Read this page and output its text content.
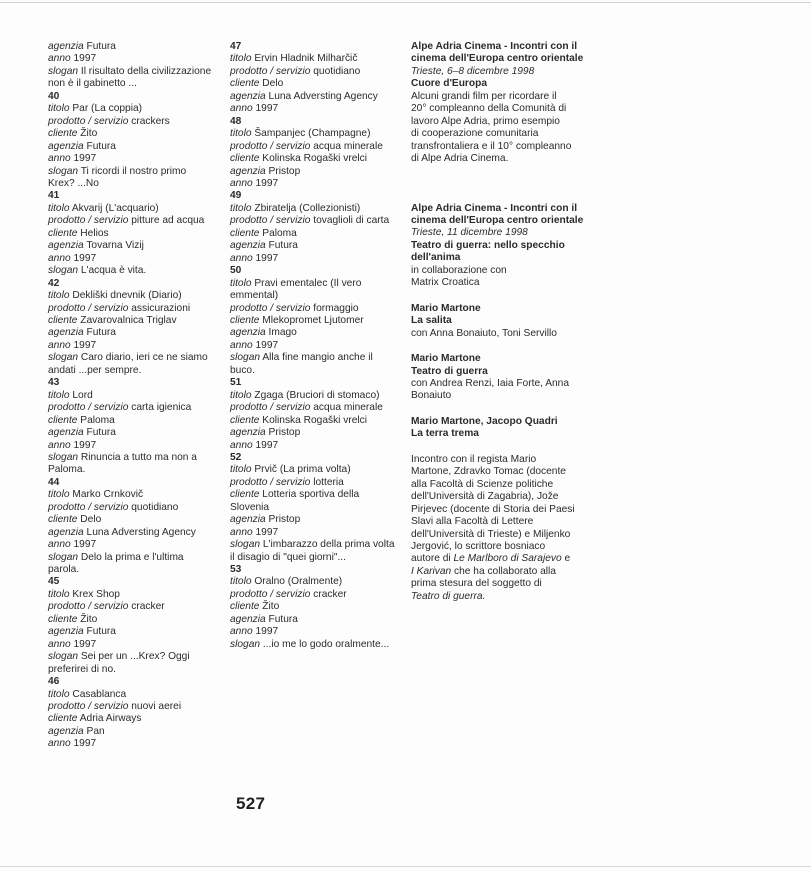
agenzia Futura
anno 1997
slogan Il risultato della civilizzazione
non è il gabinetto ...
40
titolo Par (La coppia)
prodotto / servizio crackers
cliente Žito
agenzia Futura
anno 1997
slogan Ti ricordi il nostro primo
Krex? ...No
41
titolo Akvarij (L'acquario)
prodotto / servizio pitture ad acqua
cliente Helios
agenzia Tovarna Vizij
anno 1997
slogan L'acqua è vita.
42
titolo Dekliški dnevnik (Diario)
prodotto / servizio assicurazioni
cliente Zavarovalnica Triglav
agenzia Futura
anno 1997
slogan Caro diario, ieri ce ne siamo
andati ...per sempre.
43
titolo Lord
prodotto / servizio carta igienica
cliente Paloma
agenzia Futura
anno 1997
slogan Rinuncia a tutto ma non a
Paloma.
44
titolo Marko Crnkovič
prodotto / servizio quotidiano
cliente Delo
agenzia Luna Adversting Agency
anno 1997
slogan Delo la prima e l'ultima
parola.
45
titolo Krex Shop
prodotto / servizio cracker
cliente Žito
agenzia Futura
anno 1997
slogan Sei per un ...Krex? Oggi
preferirei di no.
46
titolo Casablanca
prodotto / servizio nuovi aerei
cliente Adria Airways
agenzia Pan
anno 1997
47
titolo Ervin Hladnik Milharčič
prodotto / servizio quotidiano
cliente Delo
agenzia Luna Adversting Agency
anno 1997
48
titolo Šampanjec (Champagne)
prodotto / servizio acqua minerale
cliente Kolinska Rogaški vrelci
agenzia Pristop
anno 1997
49
titolo Zbiratelja (Collezionisti)
prodotto / servizio tovaglioli di carta
cliente Paloma
agenzia Futura
anno 1997
50
titolo Pravi ementalec (Il vero
emmental)
prodotto / servizio formaggio
cliente Mlekopromet Ljutomer
agenzia Imago
anno 1997
slogan Alla fine mangio anche il
buco.
51
titolo Zgaga (Bruciori di stomaco)
prodotto / servizio acqua minerale
cliente Kolinska Rogaški vrelci
agenzia Pristop
anno 1997
52
titolo Prvič (La prima volta)
prodotto / servizio lotteria
cliente Lotteria sportiva della
Slovenia
agenzia Pristop
anno 1997
slogan L'imbarazzo della prima volta
il disagio di "quei giorni"...
53
titolo Oralno (Oralmente)
prodotto / servizio cracker
cliente Žito
agenzia Futura
anno 1997
slogan ...io me lo godo oralmente...
Alpe Adria Cinema - Incontri con il
cinema dell'Europa centro orientale
Trieste, 6–8 dicembre 1998
Cuore d'Europa
Alcuni grandi film per ricordare il
20° compleanno della Comunità di
lavoro Alpe Adria, primo esempio
di cooperazione comunitaria
transfrontaliera e il 10° compleanno
di Alpe Adria Cinema.
Alpe Adria Cinema - Incontri con il
cinema dell'Europa centro orientale
Trieste, 11 dicembre 1998
Teatro di guerra: nello specchio
dell'anima
in collaborazione con
Matrix Croatica
Mario Martone
La salita
con Anna Bonaiuto, Toni Servillo
Mario Martone
Teatro di guerra
con Andrea Renzi, Iaia Forte, Anna
Bonaiuto
Mario Martone, Jacopo Quadri
La terra trema
Incontro con il regista Mario
Martone, Zdravko Tomac (docente
alla Facoltà di Scienze politiche
dell'Università di Zagabria), Jože
Pirjevec (docente di Storia dei Paesi
Slavi alla Facoltà di Lettere
dell'Università di Trieste) e Miljenko
Jergović, lo scrittore bosniaco
autore di Le Marlboro di Sarajevo e
I Karivan che ha collaborato alla
prima stesura del soggetto di
Teatro di guerra.
527
